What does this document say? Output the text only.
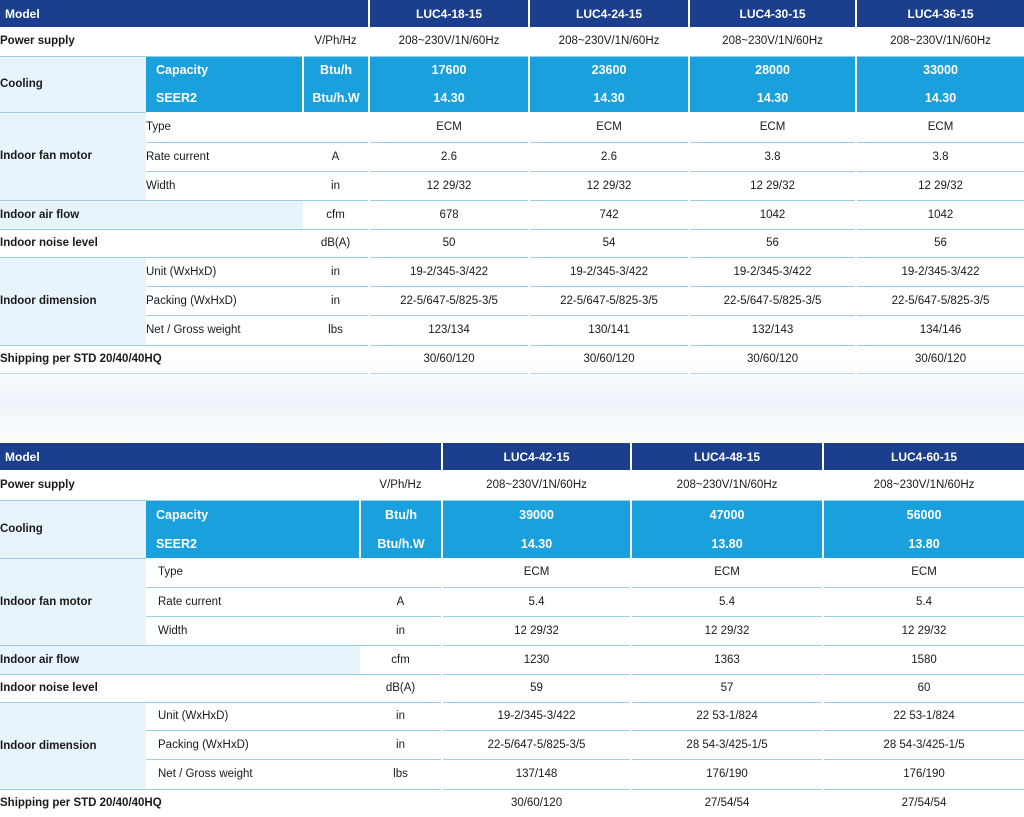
Model			LUC4-18-15	LUC4-24-15	LUC4-30-15	LUC4-36-15
Power supply		V/Ph/Hz	208~230V/1N/60Hz	208~230V/1N/60Hz	208~230V/1N/60Hz	208~230V/1N/60Hz
Cooling	Capacity	Btu/h	17600	23600	28000	33000
	SEER2	Btu/h.W	14.30	14.30	14.30	14.30
Indoor fan motor	Type		ECM	ECM	ECM	ECM
	Rate current	A	2.6	2.6	3.8	3.8
	Width	in	12 29/32	12 29/32	12 29/32	12 29/32
Indoor air flow		cfm	678	742	1042	1042
Indoor noise level		dB(A)	50	54	56	56
Indoor dimension	Unit (WxHxD)	in	19-2/345-3/422	19-2/345-3/422	19-2/345-3/422	19-2/345-3/422
	Packing (WxHxD)	in	22-5/647-5/825-3/5	22-5/647-5/825-3/5	22-5/647-5/825-3/5	22-5/647-5/825-3/5
	Net / Gross weight	lbs	123/134	130/141	132/143	134/146
Shipping per STD 20/40/40HQ			30/60/120	30/60/120	30/60/120	30/60/120
Model			LUC4-42-15	LUC4-48-15	LUC4-60-15
Power supply		V/Ph/Hz	208~230V/1N/60Hz	208~230V/1N/60Hz	208~230V/1N/60Hz
Cooling	Capacity	Btu/h	39000	47000	56000
	SEER2	Btu/h.W	14.30	13.80	13.80
Indoor fan motor	Type		ECM	ECM	ECM
	Rate current	A	5.4	5.4	5.4
	Width	in	12 29/32	12 29/32	12 29/32
Indoor air flow		cfm	1230	1363	1580
Indoor noise level		dB(A)	59	57	60
Indoor dimension	Unit (WxHxD)	in	19-2/345-3/422	22 53-1/824	22 53-1/824
	Packing (WxHxD)	in	22-5/647-5/825-3/5	28 54-3/425-1/5	28 54-3/425-1/5
	Net / Gross weight	lbs	137/148	176/190	176/190
Shipping per STD 20/40/40HQ			30/60/120	27/54/54	27/54/54
